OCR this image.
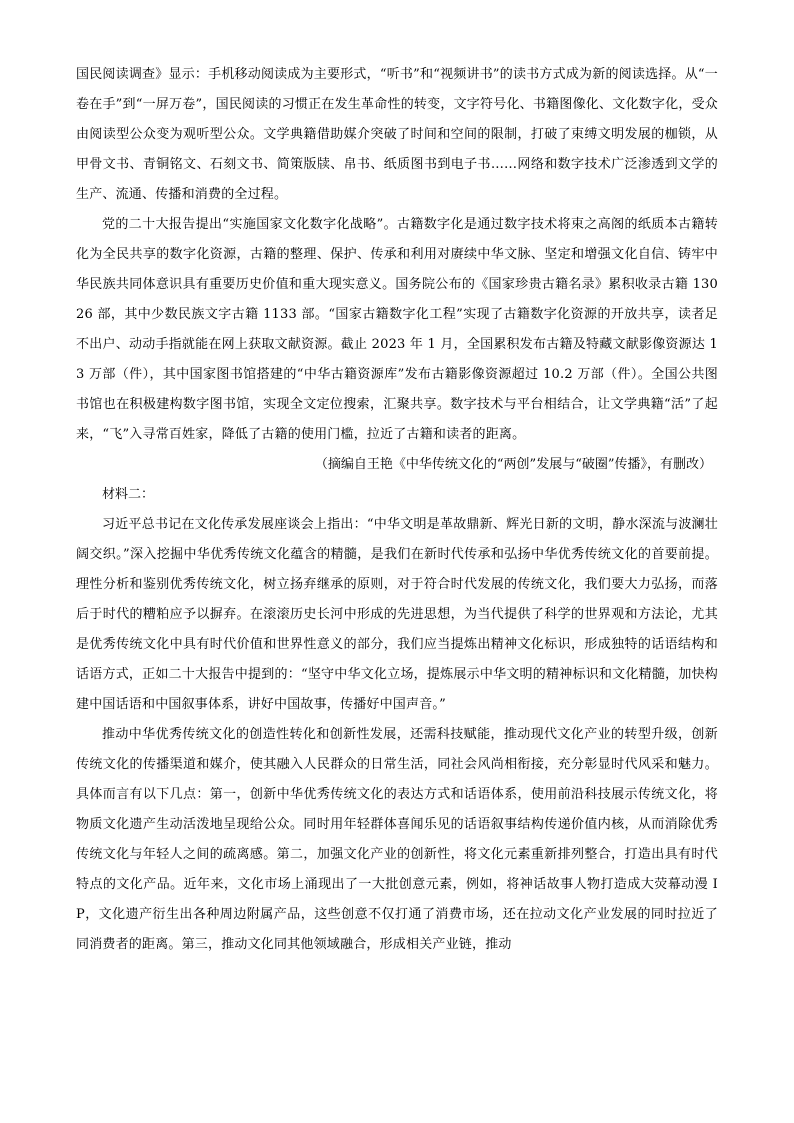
国民阅读调查》显示：手机移动阅读成为主要形式，“听书”和“视频讲书”的读书方式成为新的阅读选择。从“一卷在手”到“一屏万卷”，国民阅读的习惯正在发生革命性的转变，文字符号化、书籍图像化、文化数字化，受众由阅读型公众变为观听型公众。文学典籍借助媒介突破了时间和空间的限制，打破了束缚文明发展的枷锁，从甲骨文书、青铜铭文、石刻文书、简策版牍、帛书、纸质图书到电子书……网络和数字技术广泛渗透到文学的生产、流通、传播和消费的全过程。

党的二十大报告提出“实施国家文化数字化战略”。古籍数字化是通过数字技术将束之高阁的纸质本古籍转化为全民共享的数字化资源，古籍的整理、保护、传承和利用对赓续中华文脉、坚定和增强文化自信、铸牢中华民族共同体意识具有重要历史价值和重大现实意义。国务院公布的《国家珍贵古籍名录》累积收录古籍 13026 部，其中少数民族文字古籍 1133 部。“国家古籍数字化工程”实现了古籍数字化资源的开放共享，读者足不出户、动动手指就能在网上获取文献资源。截止 2023 年 1 月，全国累积发布古籍及特藏文献影像资源达 13 万部（件），其中国家图书馆搭建的“中华古籍资源库”发布古籍影像资源超过 10.2 万部（件）。全国公共图书馆也在积极建构数字图书馆，实现全文定位搜索，汇聚共享。数字技术与平台相结合，让文学典籍“活”了起来，“飞”入寻常百姓家，降低了古籍的使用门槛，拉近了古籍和读者的距离。

（摘编自王艳《中华传统文化的“两创”发展与“破圈”传播》，有删改）

材料二：

习近平总书记在文化传承发展座谈会上指出：“中华文明是革故鼎新、辉光日新的文明，静水深流与波澜壮阔交织。”深入挖掘中华优秀传统文化蕴含的精髓，是我们在新时代传承和弘扬中华优秀传统文化的首要前提。理性分析和鉴别优秀传统文化，树立扬弃继承的原则，对于符合时代发展的传统文化，我们要大力弘扬，而落后于时代的糟粕应予以摒弃。在滚滚历史长河中形成的先进思想，为当代提供了科学的世界观和方法论，尤其是优秀传统文化中具有时代价值和世界性意义的部分，我们应当提炼出精神文化标识，形成独特的话语结构和话语方式，正如二十大报告中提到的：“坚守中华文化立场，提炼展示中华文明的精神标识和文化精髓，加快构建中国话语和中国叙事体系，讲好中国故事，传播好中国声音。”

推动中华优秀传统文化的创造性转化和创新性发展，还需科技赋能，推动现代文化产业的转型升级，创新传统文化的传播渠道和媒介，使其融入人民群众的日常生活，同社会风尚相衔接，充分彰显时代风采和魅力。具体而言有以下几点：第一，创新中华优秀传统文化的表达方式和话语体系，使用前沿科技展示传统文化，将物质文化遗产生动活泼地呈现给公众。同时用年轻群体喜闻乐见的话语叙事结构传递价值内核，从而消除优秀传统文化与年轻人之间的疏离感。第二，加强文化产业的创新性，将文化元素重新排列整合，打造出具有时代特点的文化产品。近年来，文化市场上涌现出了一大批创意元素，例如，将神话故事人物打造成大荧幕动漫 IP，文化遗产衍生出各种周边附属产品，这些创意不仅打通了消费市场，还在拉动文化产业发展的同时拉近了同消费者的距离。第三，推动文化同其他领域融合，形成相关产业链，推动
